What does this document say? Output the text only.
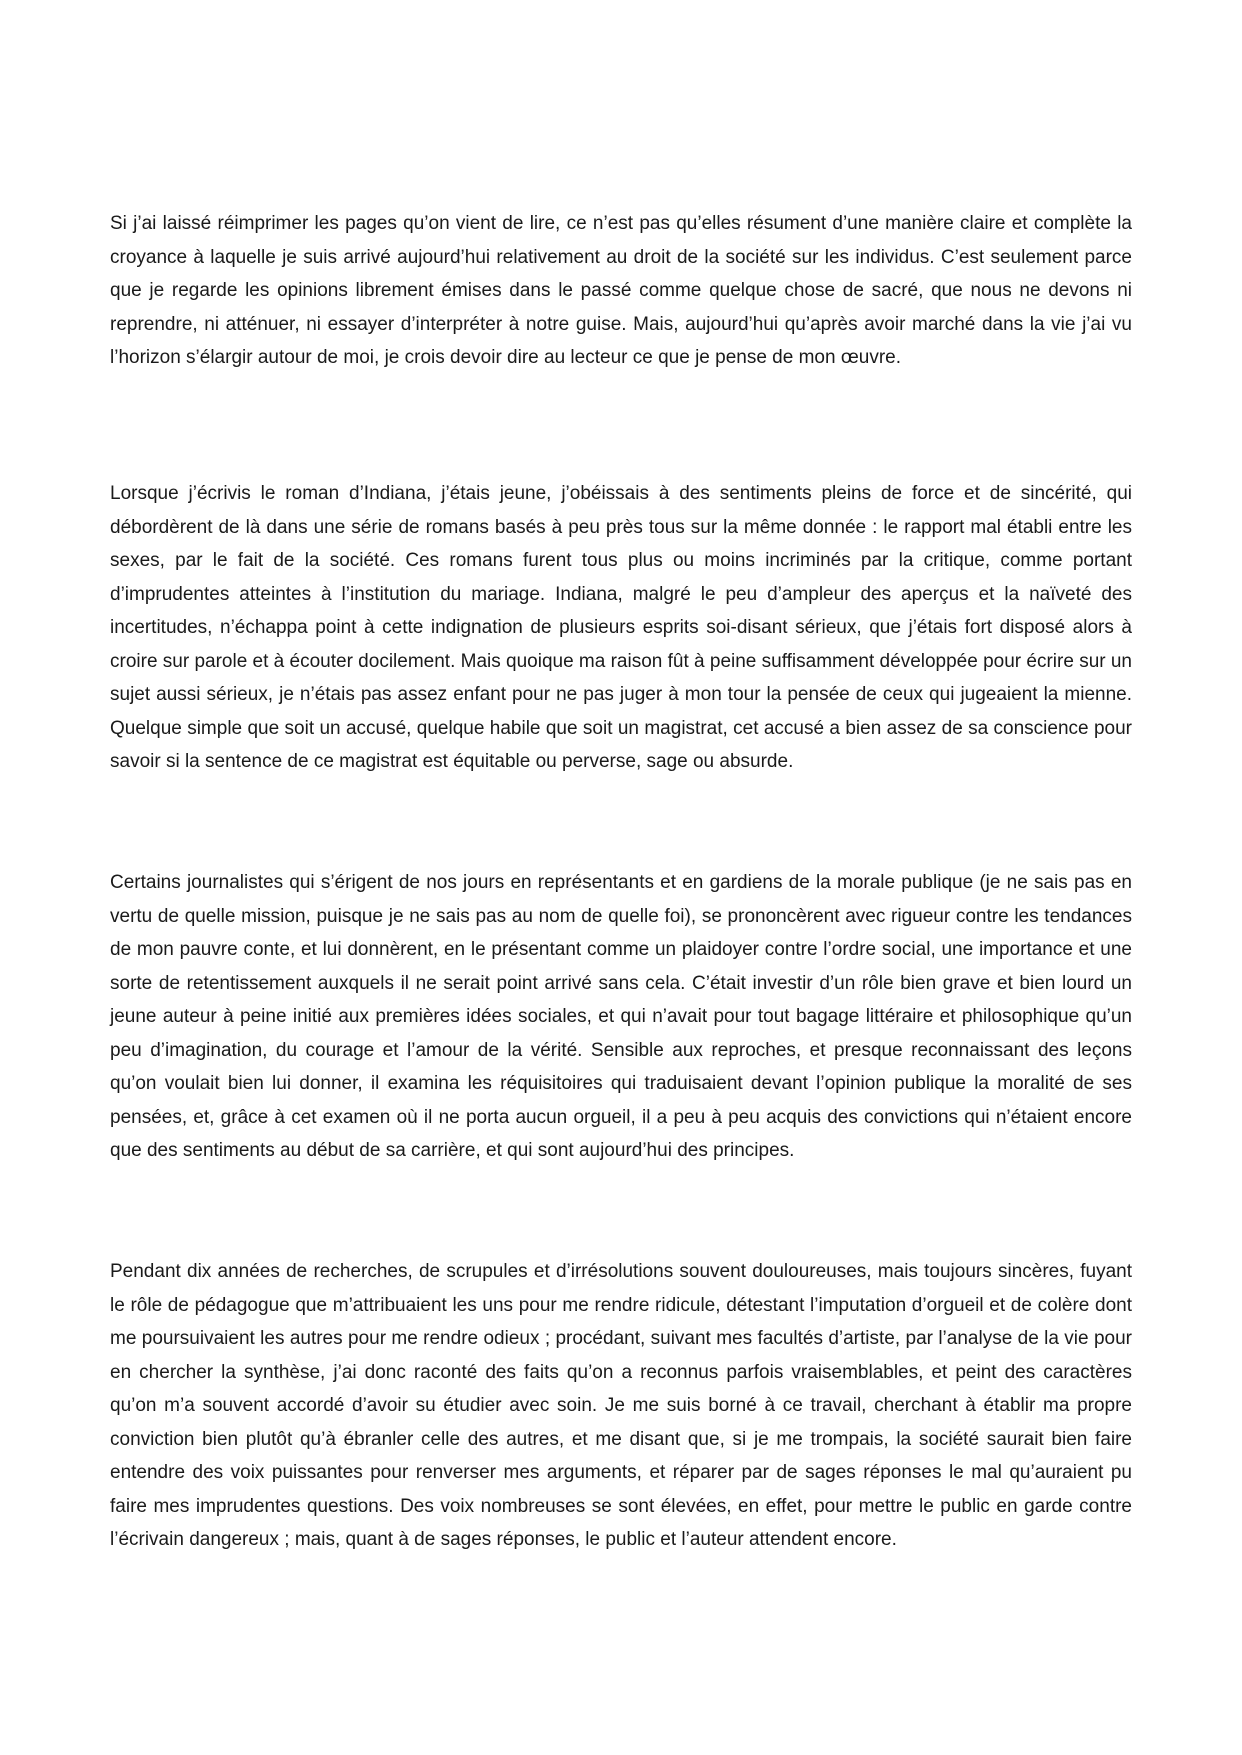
Si j’ai laissé réimprimer les pages qu’on vient de lire, ce n’est pas qu’elles résument d’une manière claire et complète la croyance à laquelle je suis arrivé aujourd’hui relativement au droit de la société sur les individus. C’est seulement parce que je regarde les opinions librement émises dans le passé comme quelque chose de sacré, que nous ne devons ni reprendre, ni atténuer, ni essayer d’interpréter à notre guise. Mais, aujourd’hui qu’après avoir marché dans la vie j’ai vu l’horizon s’élargir autour de moi, je crois devoir dire au lecteur ce que je pense de mon œuvre.

Lorsque j’écrivis le roman d’Indiana, j’étais jeune, j’obéissais à des sentiments pleins de force et de sincérité, qui débordèrent de là dans une série de romans basés à peu près tous sur la même donnée : le rapport mal établi entre les sexes, par le fait de la société. Ces romans furent tous plus ou moins incriminés par la critique, comme portant d’imprudentes atteintes à l’institution du mariage. Indiana, malgré le peu d’ampleur des aperçus et la naïveté des incertitudes, n’échappa point à cette indignation de plusieurs esprits soi-disant sérieux, que j’étais fort disposé alors à croire sur parole et à écouter docilement. Mais quoique ma raison fût à peine suffisamment développée pour écrire sur un sujet aussi sérieux, je n’étais pas assez enfant pour ne pas juger à mon tour la pensée de ceux qui jugeaient la mienne. Quelque simple que soit un accusé, quelque habile que soit un magistrat, cet accusé a bien assez de sa conscience pour savoir si la sentence de ce magistrat est équitable ou perverse, sage ou absurde.

Certains journalistes qui s’érigent de nos jours en représentants et en gardiens de la morale publique (je ne sais pas en vertu de quelle mission, puisque je ne sais pas au nom de quelle foi), se prononcèrent avec rigueur contre les tendances de mon pauvre conte, et lui donnèrent, en le présentant comme un plaidoyer contre l’ordre social, une importance et une sorte de retentissement auxquels il ne serait point arrivé sans cela. C’était investir d’un rôle bien grave et bien lourd un jeune auteur à peine initié aux premières idées sociales, et qui n’avait pour tout bagage littéraire et philosophique qu’un peu d’imagination, du courage et l’amour de la vérité. Sensible aux reproches, et presque reconnaissant des leçons qu’on voulait bien lui donner, il examina les réquisitoires qui traduisaient devant l’opinion publique la moralité de ses pensées, et, grâce à cet examen où il ne porta aucun orgueil, il a peu à peu acquis des convictions qui n’étaient encore que des sentiments au début de sa carrière, et qui sont aujourd’hui des principes.

Pendant dix années de recherches, de scrupules et d’irrésolutions souvent douloureuses, mais toujours sincères, fuyant le rôle de pédagogue que m’attribuaient les uns pour me rendre ridicule, détestant l’imputation d’orgueil et de colère dont me poursuivaient les autres pour me rendre odieux ; procédant, suivant mes facultés d’artiste, par l’analyse de la vie pour en chercher la synthèse, j’ai donc raconté des faits qu’on a reconnus parfois vraisemblables, et peint des caractères qu’on m’a souvent accordé d’avoir su étudier avec soin. Je me suis borné à ce travail, cherchant à établir ma propre conviction bien plutôt qu’à ébranler celle des autres, et me disant que, si je me trompais, la société saurait bien faire entendre des voix puissantes pour renverser mes arguments, et réparer par de sages réponses le mal qu’auraient pu faire mes imprudentes questions. Des voix nombreuses se sont élevées, en effet, pour mettre le public en garde contre l’écrivain dangereux ; mais, quant à de sages réponses, le public et l’auteur attendent encore.
